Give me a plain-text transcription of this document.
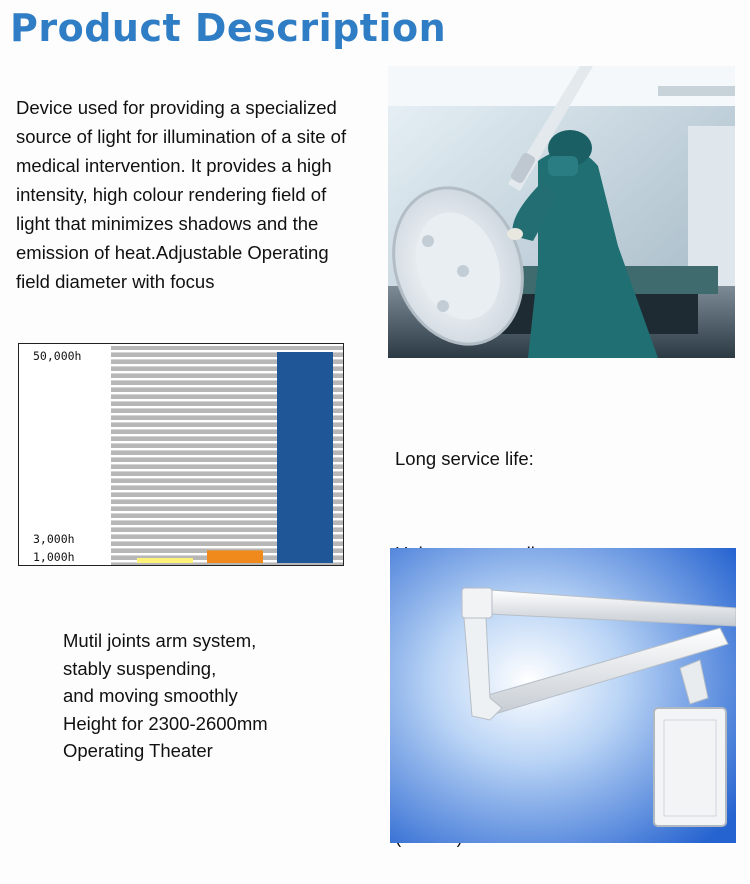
Product Description

Device used for providing a specialized
source of light for illumination of a site of
medical intervention. It provides a high
intensity, high colour rendering field of
light that minimizes shadows and the
emission of heat.Adjustable Operating
field diameter with focus

50,000h
3,000h
1,000h

Long service life:

Mutil joints arm system,
stably suspending,
and moving smoothly
Height for 2300-2600mm
Operating Theater
